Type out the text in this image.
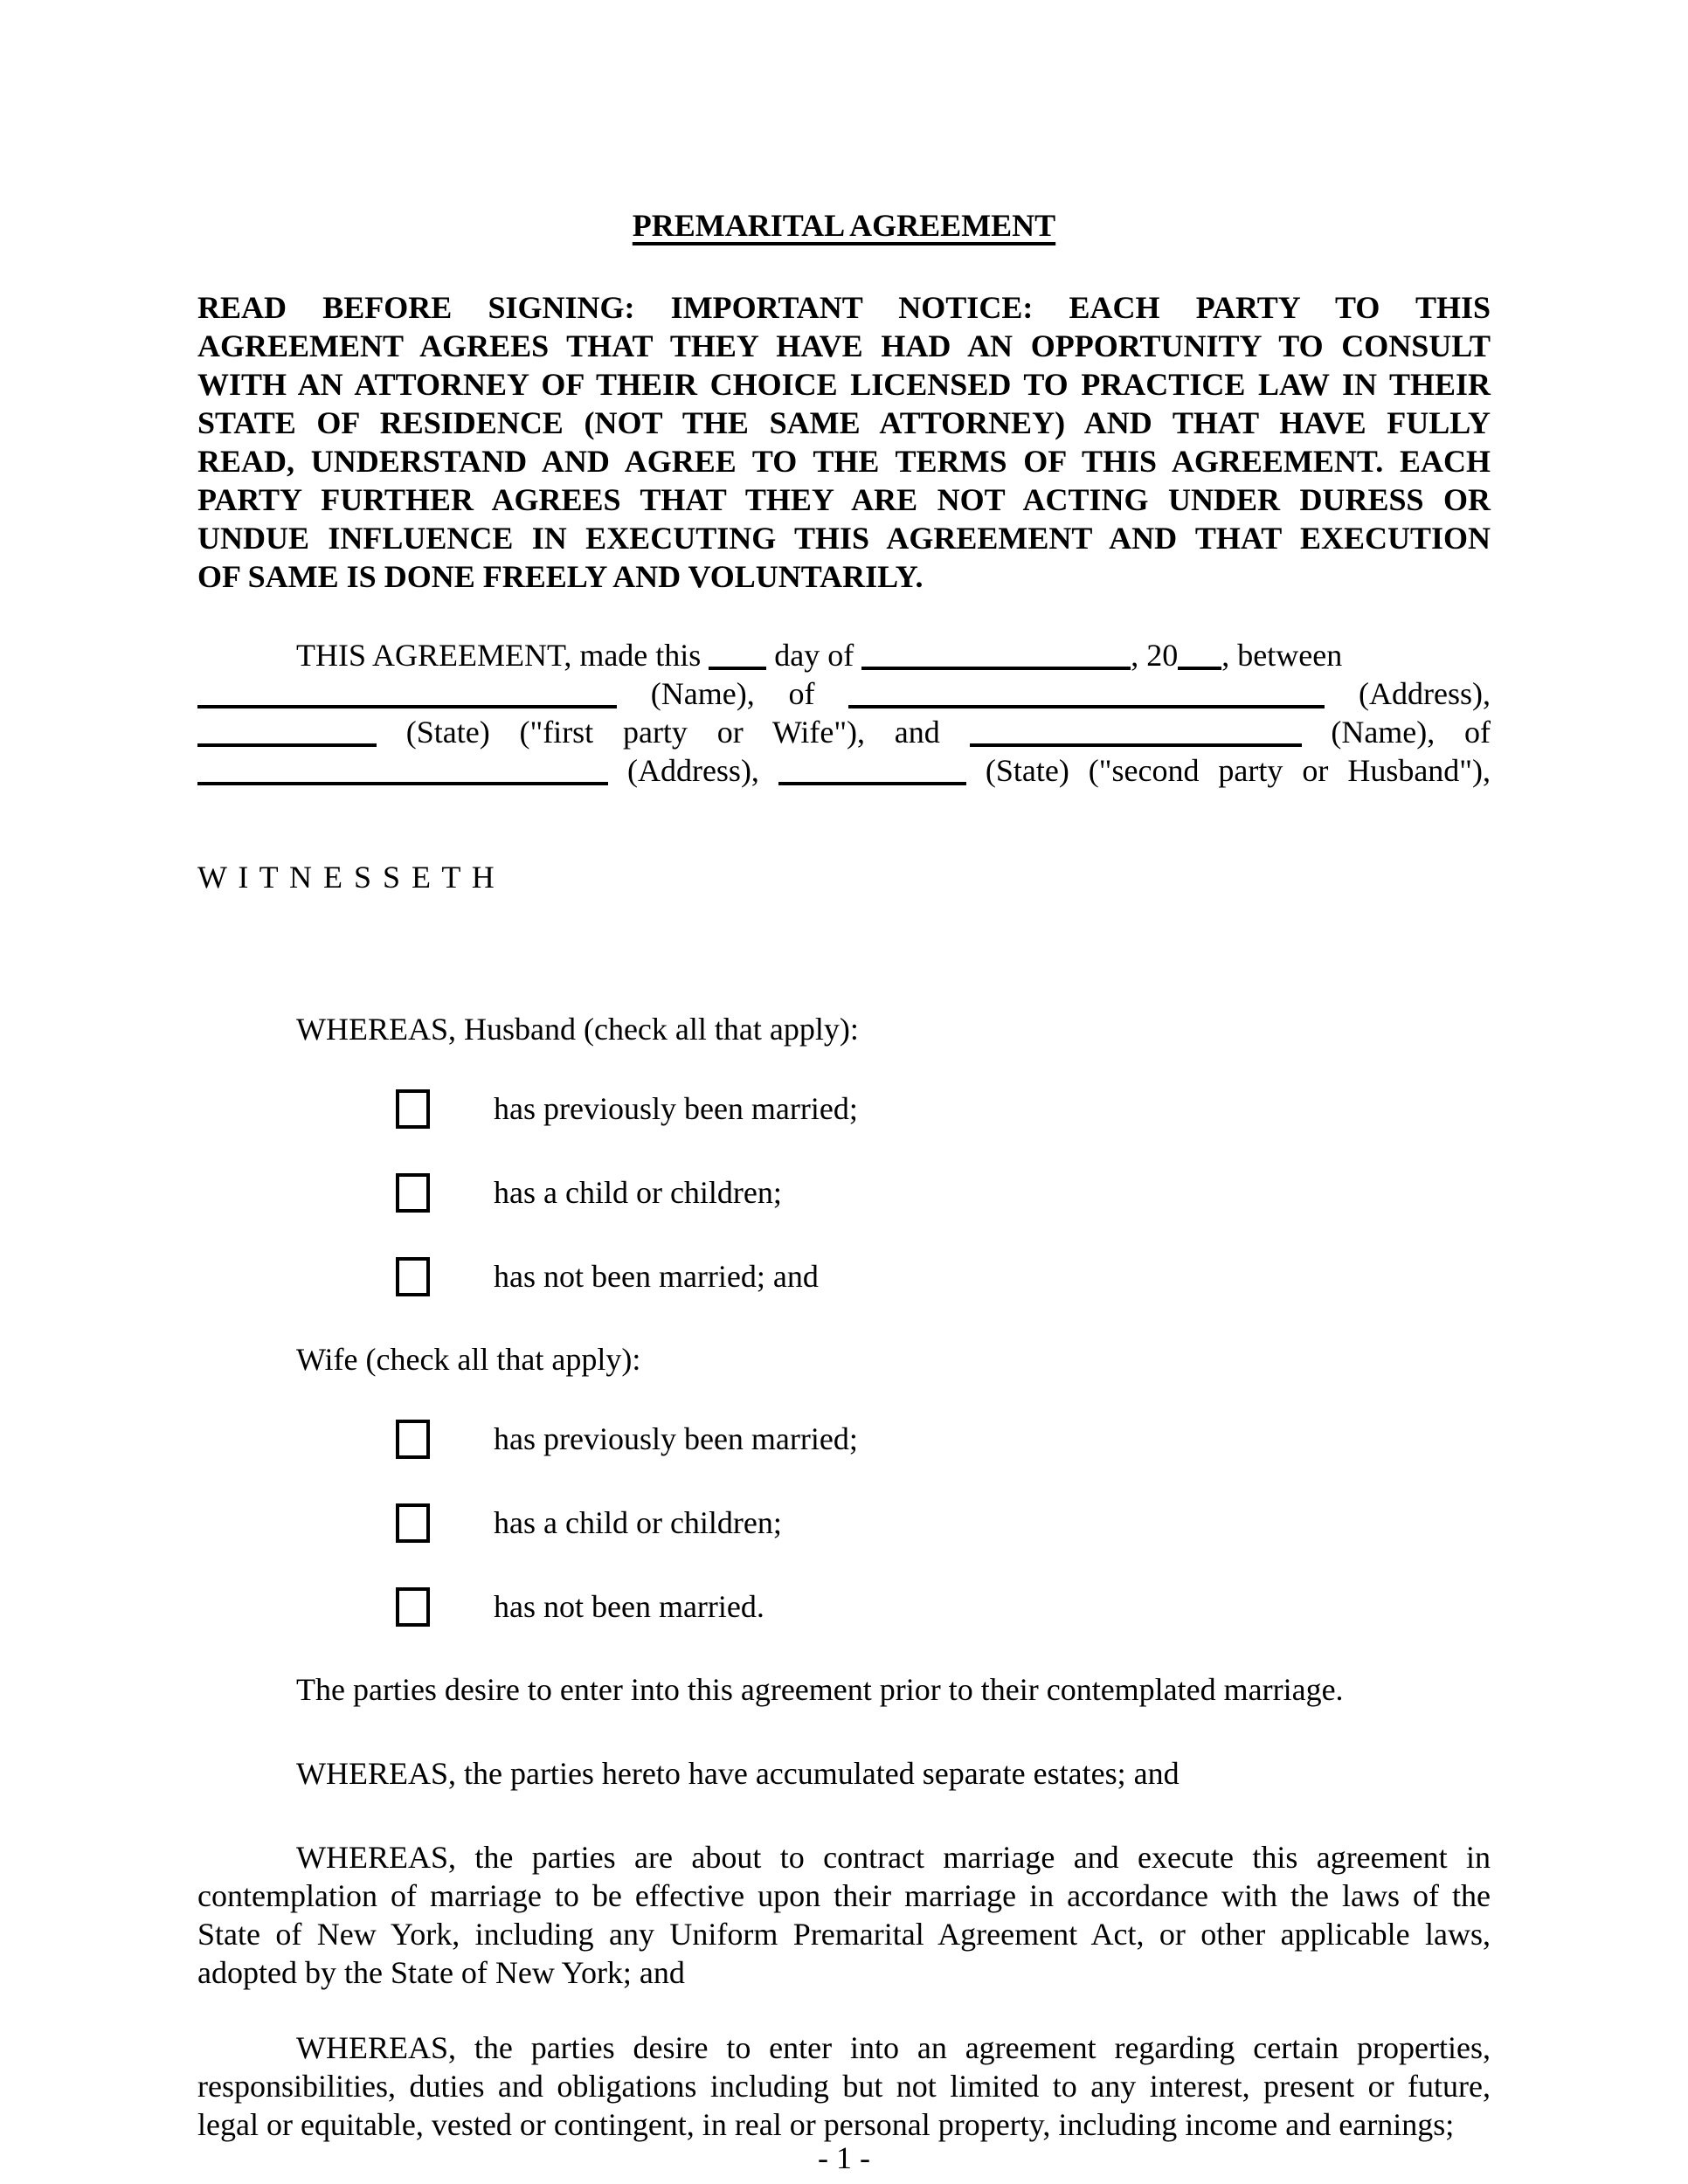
PREMARITAL AGREEMENT
READ BEFORE SIGNING: IMPORTANT NOTICE: EACH PARTY TO THIS
AGREEMENT AGREES THAT THEY HAVE HAD AN OPPORTUNITY TO CONSULT
WITH AN ATTORNEY OF THEIR CHOICE LICENSED TO PRACTICE LAW IN THEIR
STATE OF RESIDENCE (NOT THE SAME ATTORNEY) AND THAT HAVE FULLY
READ, UNDERSTAND AND AGREE TO THE TERMS OF THIS AGREEMENT. EACH
PARTY FURTHER AGREES THAT THEY ARE NOT ACTING UNDER DURESS OR
UNDUE INFLUENCE IN EXECUTING THIS AGREEMENT AND THAT EXECUTION
OF SAME IS DONE FREELY AND VOLUNTARILY.
THIS AGREEMENT, made this day of	, 20 , between
(Name), of	(Address),
(State) ("first party or Wife"), and	(Name), of
(Address),	(State) ("second party or Husband"),
W I T N E S S E T H
WHEREAS, Husband (check all that apply):
has previously been married;
has a child or children;
has not been married; and
Wife (check all that apply):
has previously been married;
has a child or children;
has not been married.
The parties desire to enter into this agreement prior to their contemplated marriage.
WHEREAS, the parties hereto have accumulated separate estates; and
WHEREAS, the parties are about to contract marriage and execute this agreement in
contemplation of marriage to be effective upon their marriage in accordance with the laws of the
State of New York, including any Uniform Premarital Agreement Act, or other applicable laws,
adopted by the State of New York; and
WHEREAS, the parties desire to enter into an agreement regarding certain properties,
responsibilities, duties and obligations including but not limited to any interest, present or future,
legal or equitable, vested or contingent, in real or personal property, including income and earnings;
- 1 -
